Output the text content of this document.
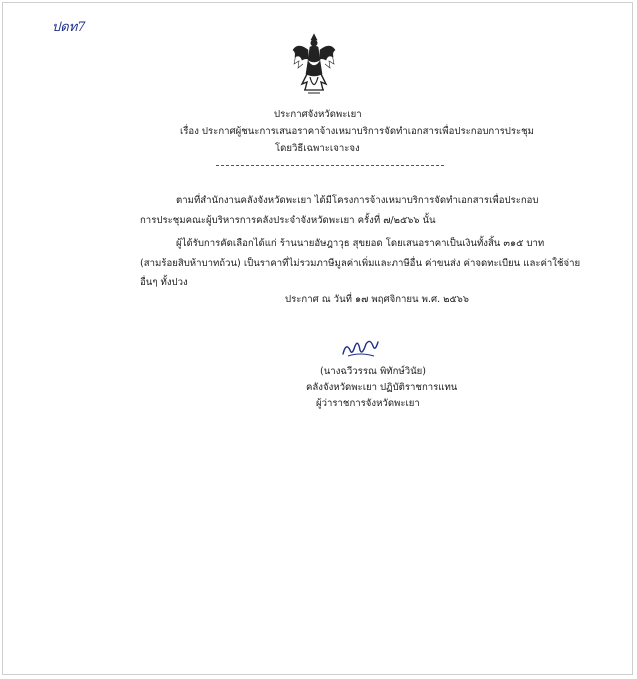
ปดท7
ประกาศจังหวัดพะเยา
เรื่อง ประกาศผู้ชนะการเสนอราคาจ้างเหมาบริการจัดทำเอกสารเพื่อประกอบการประชุม
โดยวิธีเฉพาะเจาะจง
ตามที่สำนักงานคลังจังหวัดพะเยา ได้มีโครงการจ้างเหมาบริการจัดทำเอกสารเพื่อประกอบ
การประชุมคณะผู้บริหารการคลังประจำจังหวัดพะเยา ครั้งที่ ๗/๒๕๖๖ นั้น
ผู้ได้รับการคัดเลือกได้แก่ ร้านนายอัษฎาวุธ สุขยอด โดยเสนอราคาเป็นเงินทั้งสิ้น ๓๑๕ บาท
(สามร้อยสิบห้าบาทถ้วน) เป็นราคาที่ไม่รวมภาษีมูลค่าเพิ่มและภาษีอื่น ค่าขนส่ง ค่าจดทะเบียน และค่าใช้จ่าย
อื่นๆ ทั้งปวง
ประกาศ ณ วันที่ ๑๗ พฤศจิกายน พ.ศ. ๒๕๖๖
(นางฉวีวรรณ พิทักษ์วินัย)
คลังจังหวัดพะเยา ปฏิบัติราชการแทน
ผู้ว่าราชการจังหวัดพะเยา
